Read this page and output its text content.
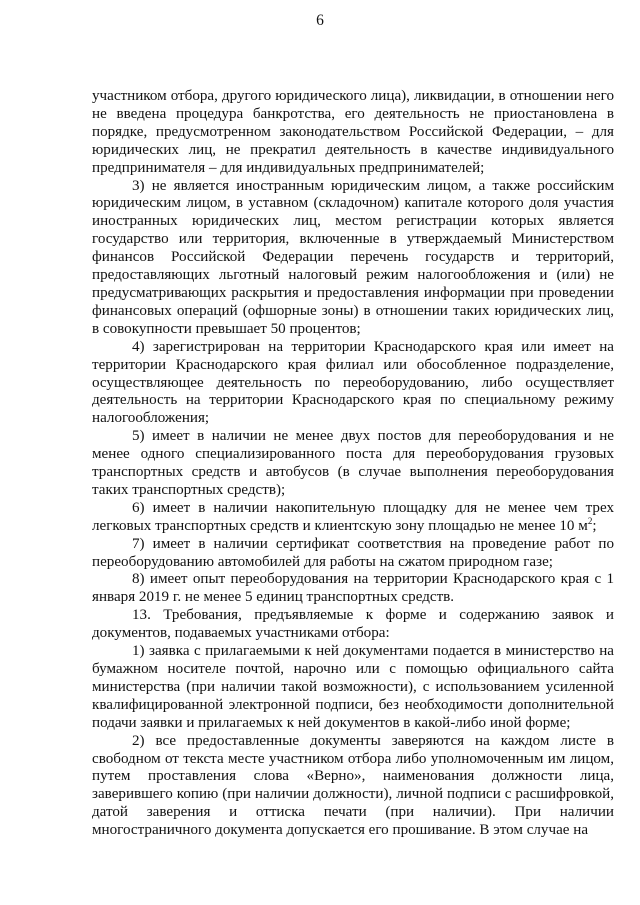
6

участником отбора, другого юридического лица), ликвидации, в отношении него не введена процедура банкротства, его деятельность не приостановлена в порядке, предусмотренном законодательством Российской Федерации, – для юридических лиц, не прекратил деятельность в качестве индивидуального предпринимателя – для индивидуальных предпринимателей;

3) не является иностранным юридическим лицом, а также российским юридическим лицом, в уставном (складочном) капитале которого доля участия иностранных юридических лиц, местом регистрации которых является государство или территория, включенные в утверждаемый Министерством финансов Российской Федерации перечень государств и территорий, предоставляющих льготный налоговый режим налогообложения и (или) не предусматривающих раскрытия и предоставления информации при проведении финансовых операций (офшорные зоны) в отношении таких юридических лиц, в совокупности превышает 50 процентов;

4) зарегистрирован на территории Краснодарского края или имеет на территории Краснодарского края филиал или обособленное подразделение, осуществляющее деятельность по переоборудованию, либо осуществляет деятельность на территории Краснодарского края по специальному режиму налогообложения;

5) имеет в наличии не менее двух постов для переоборудования и не менее одного специализированного поста для переоборудования грузовых транспортных средств и автобусов (в случае выполнения переоборудования таких транспортных средств);

6) имеет в наличии накопительную площадку для не менее чем трех легковых транспортных средств и клиентскую зону площадью не менее 10 $м^2$;

7) имеет в наличии сертификат соответствия на проведение работ по переоборудованию автомобилей для работы на сжатом природном газе;

8) имеет опыт переоборудования на территории Краснодарского края с 1 января 2019 г. не менее 5 единиц транспортных средств.

13. Требования, предъявляемые к форме и содержанию заявок и документов, подаваемых участниками отбора:

1) заявка с прилагаемыми к ней документами подается в министерство на бумажном носителе почтой, нарочно или с помощью официального сайта министерства (при наличии такой возможности), с использованием усиленной квалифицированной электронной подписи, без необходимости дополнительной подачи заявки и прилагаемых к ней документов в какой-либо иной форме;

2) все предоставленные документы заверяются на каждом листе в свободном от текста месте участником отбора либо уполномоченным им лицом, путем проставления слова «Верно», наименования должности лица, заверившего копию (при наличии должности), личной подписи с расшифровкой, датой заверения и оттиска печати (при наличии). При наличии многостраничного документа допускается его прошивание. В этом случае на
